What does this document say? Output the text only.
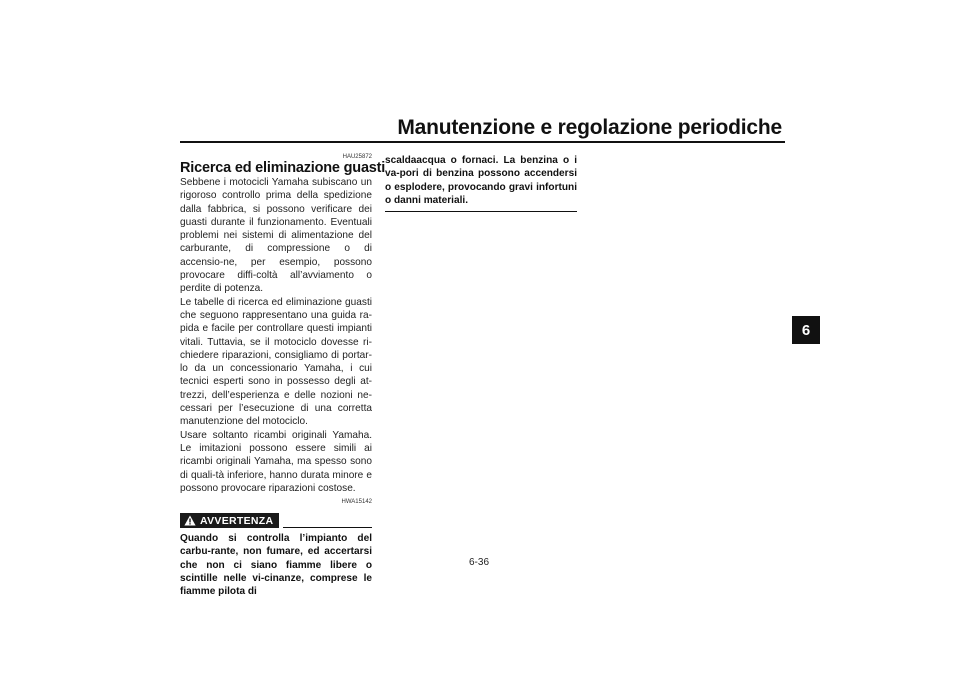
Manutenzione e regolazione periodiche
6
HAU25872
Ricerca ed eliminazione guasti

Sebbene i motocicli Yamaha subiscano un rigoroso controllo prima della spedizione dalla fabbrica, si possono verificare dei guasti durante il funzionamento. Eventuali problemi nei sistemi di alimentazione del carburante, di compressione o di accensio-ne, per esempio, possono provocare diffi-coltà all’avviamento o perdite di potenza.

Le tabelle di ricerca ed eliminazione guasti che seguono rappresentano una guida ra-pida e facile per controllare questi impianti vitali. Tuttavia, se il motociclo dovesse ri-chiedere riparazioni, consigliamo di portar-lo da un concessionario Yamaha, i cui tecnici esperti sono in possesso degli at-trezzi, dell’esperienza e delle nozioni ne-cessari per l’esecuzione di una corretta manutenzione del motociclo.

Usare soltanto ricambi originali Yamaha. Le imitazioni possono essere simili ai ricambi originali Yamaha, ma spesso sono di quali-tà inferiore, hanno durata minore e possono provocare riparazioni costose.

HWA15142
AVVERTENZA

Quando si controlla l’impianto del carbu-rante, non fumare, ed accertarsi che non ci siano fiamme libere o scintille nelle vi-cinanze, comprese le fiamme pilota di

scaldaacqua o fornaci. La benzina o i va-pori di benzina possono accendersi o esplodere, provocando gravi infortuni o danni materiali.

6-36
